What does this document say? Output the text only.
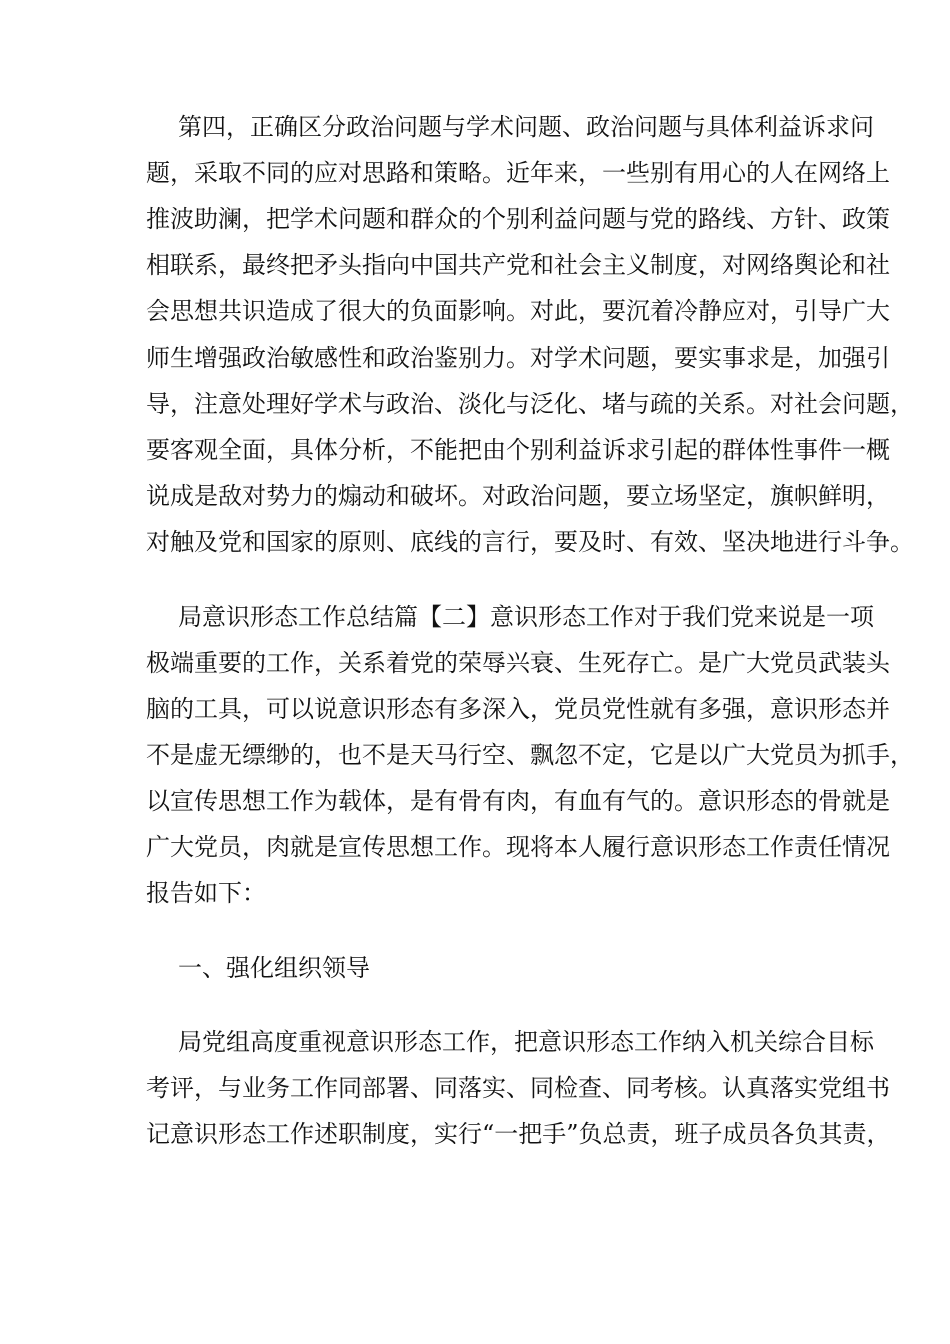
第四，正确区分政治问题与学术问题、政治问题与具体利益诉求问
题，采取不同的应对思路和策略。近年来，一些别有用心的人在网络上
推波助澜，把学术问题和群众的个别利益问题与党的路线、方针、政策
相联系，最终把矛头指向中国共产党和社会主义制度，对网络舆论和社
会思想共识造成了很大的负面影响。对此，要沉着冷静应对，引导广大
师生增强政治敏感性和政治鉴别力。对学术问题，要实事求是，加强引
导，注意处理好学术与政治、淡化与泛化、堵与疏的关系。对社会问题，
要客观全面，具体分析，不能把由个别利益诉求引起的群体性事件一概
说成是敌对势力的煽动和破坏。对政治问题，要立场坚定，旗帜鲜明，
对触及党和国家的原则、底线的言行，要及时、有效、坚决地进行斗争。
局意识形态工作总结篇【二】意识形态工作对于我们党来说是一项
极端重要的工作，关系着党的荣辱兴衰、生死存亡。是广大党员武装头
脑的工具，可以说意识形态有多深入，党员党性就有多强，意识形态并
不是虚无缥缈的，也不是天马行空、飘忽不定，它是以广大党员为抓手，
以宣传思想工作为载体，是有骨有肉，有血有气的。意识形态的骨就是
广大党员，肉就是宣传思想工作。现将本人履行意识形态工作责任情况
报告如下：
一、强化组织领导
局党组高度重视意识形态工作，把意识形态工作纳入机关综合目标
考评，与业务工作同部署、同落实、同检查、同考核。认真落实党组书
记意识形态工作述职制度，实行“一把手”负总责，班子成员各负其责，
